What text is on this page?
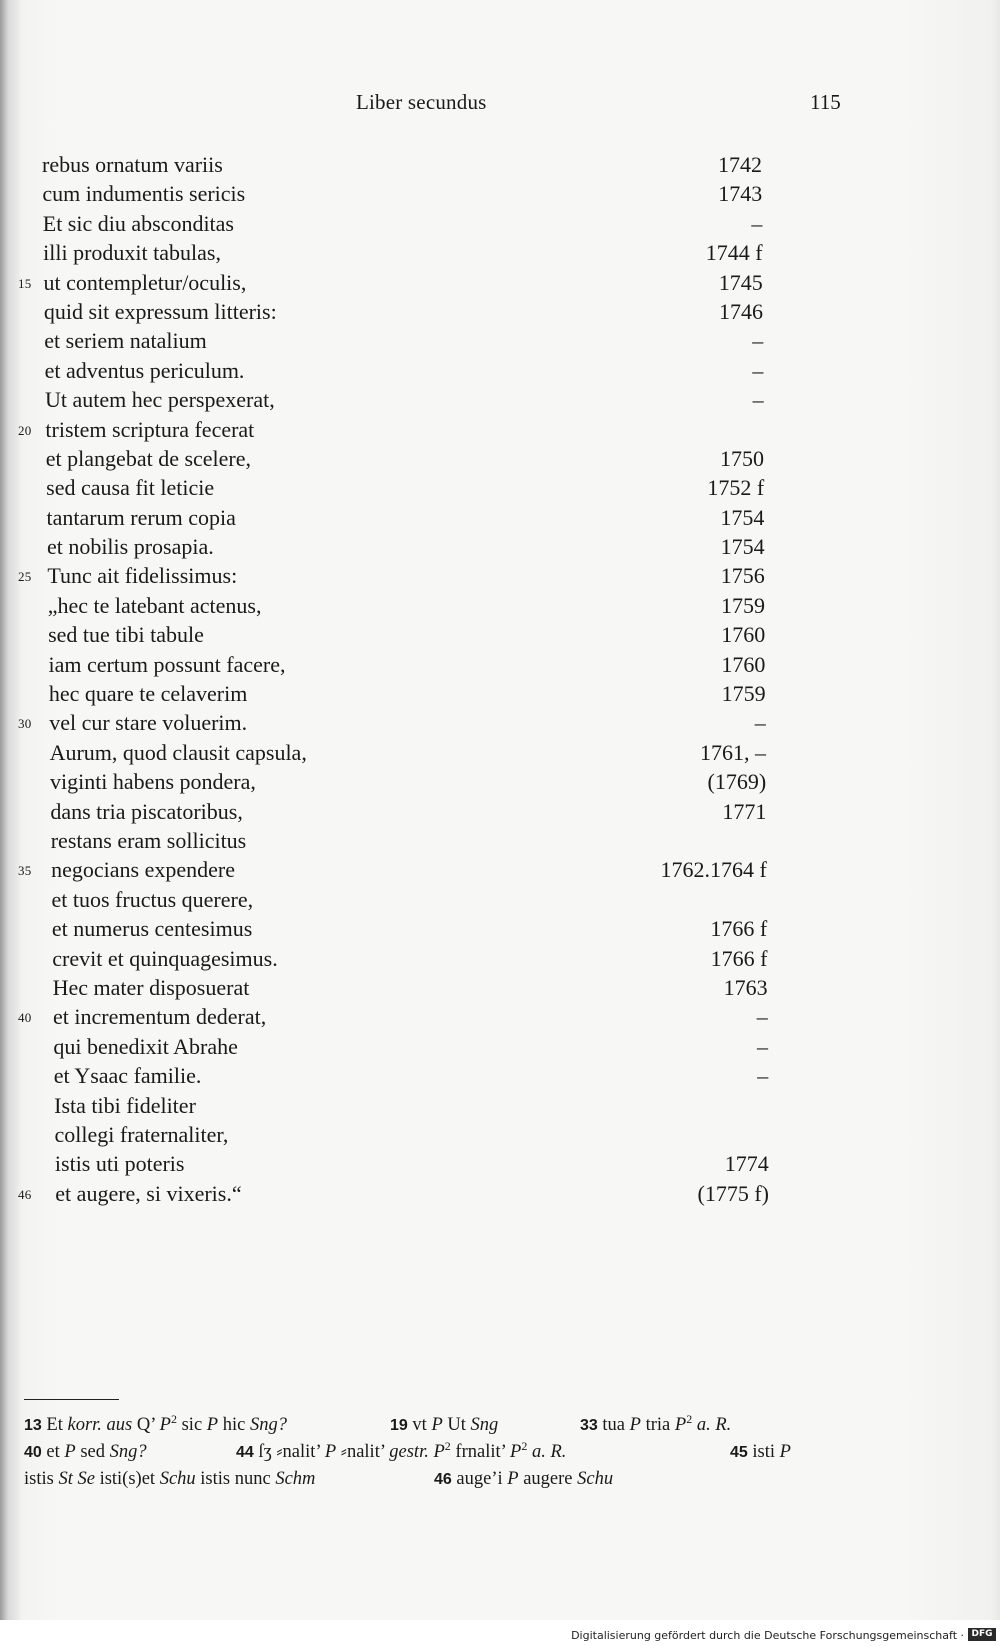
Liber secundus	115
rebus ornatum variis	1742
cum indumentis sericis	1743
Et sic diu absconditas	–
illi produxit tabulas,	1744 f
15 ut contempletur/oculis,	1745
quid sit expressum litteris:	1746
et seriem natalium	–
et adventus periculum.	–
Ut autem hec perspexerat,	–
20 tristem scriptura fecerat
et plangebat de scelere,	1750
sed causa fit leticie	1752 f
tantarum rerum copia	1754
et nobilis prosapia.	1754
25 Tunc ait fidelissimus:	1756
„hec te latebant actenus,	1759
sed tue tibi tabule	1760
iam certum possunt facere,	1760
hec quare te celaverim	1759
30 vel cur stare voluerim.	–
Aurum, quod clausit capsula,	1761, –
viginti habens pondera,	(1769)
dans tria piscatoribus,	1771
restans eram sollicitus
35 negocians expendere	1762.1764 f
et tuos fructus querere,
et numerus centesimus	1766 f
crevit et quinquagesimus.	1766 f
Hec mater disposuerat	1763
40 et incrementum dederat,	–
qui benedixit Abrahe	–
et Ysaac familie.	–
Ista tibi fideliter
collegi fraternaliter,
istis uti poteris	1774
46 et augere, si vixeris.“	(1775 f)
13 Et korr. aus Q’ $P^2$ sic P hic Sng?	19 vt P Ut Sng	33 tua P tria $P^2$ a. R.
40 et P sed Sng?	44 ſʒ ⸗nalit’ P ⸗nalit’ gestr. $P^2$ frnalit’ $P^2$ a. R.	45 isti P
istis St Se isti(s)et Schu istis nunc Schm	46 auge’i P augere Schu
Digitalisierung gefördert durch die Deutsche Forschungsgemeinschaft · DFG
